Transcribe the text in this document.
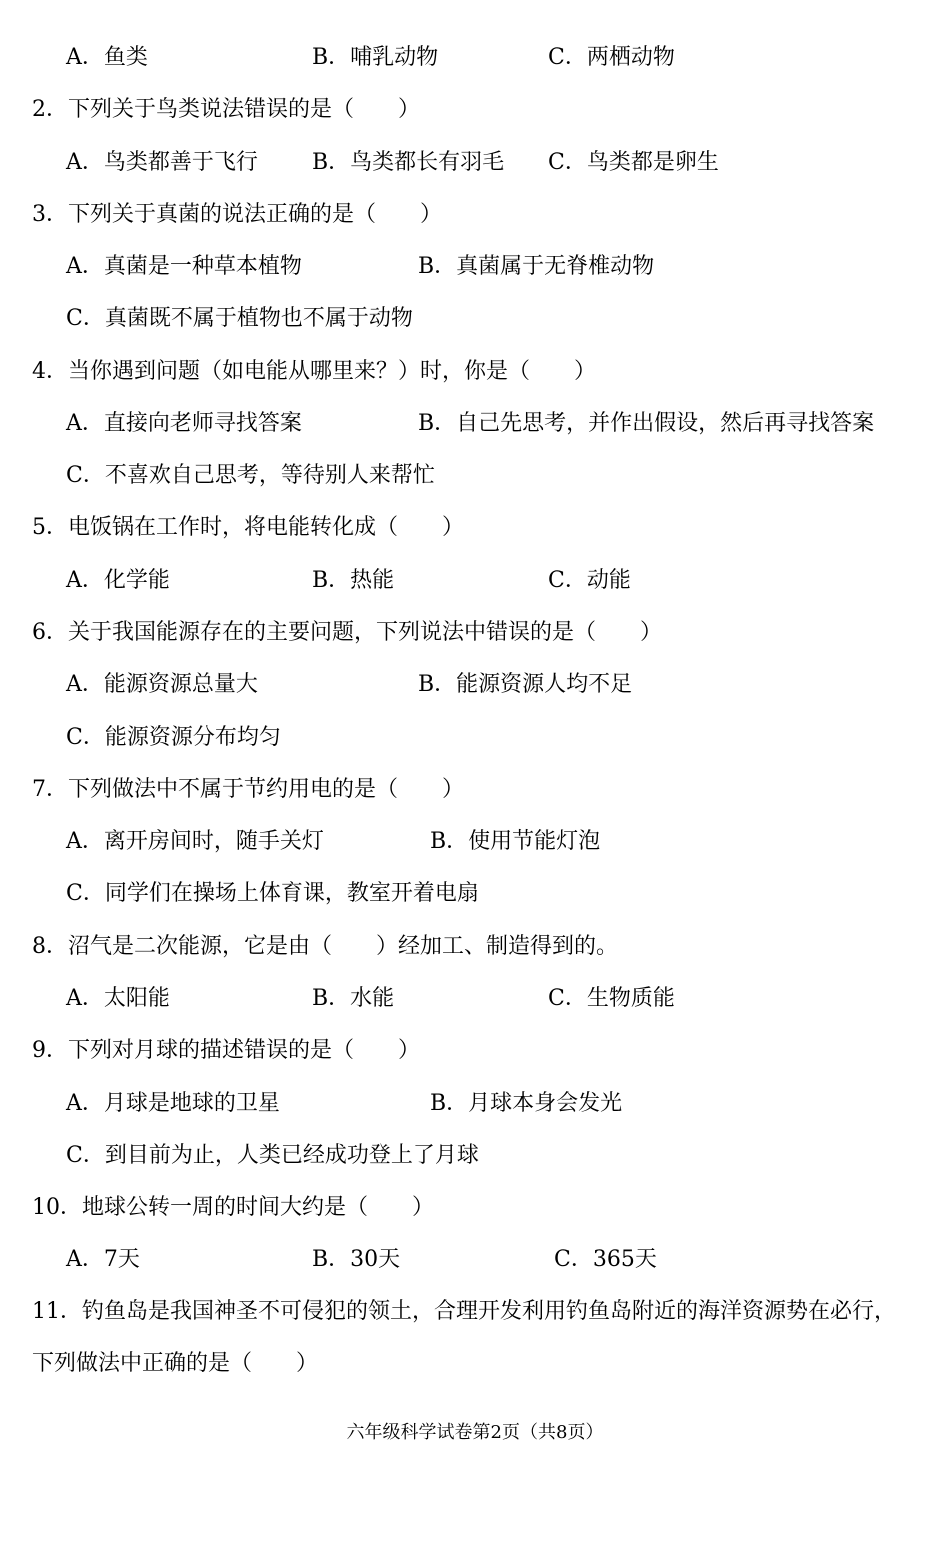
A．鱼类	B．哺乳动物	C．两栖动物
2．下列关于鸟类说法错误的是（　　）
A．鸟类都善于飞行 B．鸟类都长有羽毛 C．鸟类都是卵生
3．下列关于真菌的说法正确的是（　　）
A．真菌是一种草本植物	B．真菌属于无脊椎动物
C．真菌既不属于植物也不属于动物
4．当你遇到问题（如电能从哪里来？）时，你是（　　）
A．直接向老师寻找答案	B．自己先思考，并作出假设，然后再寻找答案
C．不喜欢自己思考，等待别人来帮忙
5．电饭锅在工作时，将电能转化成（　　）
A．化学能	B．热能	C．动能
6．关于我国能源存在的主要问题，下列说法中错误的是（　　）
A．能源资源总量大	B．能源资源人均不足
C．能源资源分布均匀
7．下列做法中不属于节约用电的是（　　）
A．离开房间时，随手关灯	B．使用节能灯泡
C．同学们在操场上体育课，教室开着电扇
8．沼气是二次能源，它是由（　　）经加工、制造得到的。
A．太阳能	B．水能	C．生物质能
9．下列对月球的描述错误的是（　　）
A．月球是地球的卫星	B．月球本身会发光
C．到目前为止，人类已经成功登上了月球
10．地球公转一周的时间大约是（　　）
A．7天	B．30天	C．365天
11．钓鱼岛是我国神圣不可侵犯的领土，合理开发利用钓鱼岛附近的海洋资源势在必行，
下列做法中正确的是（　　）
六年级科学试卷第2页（共8页）
